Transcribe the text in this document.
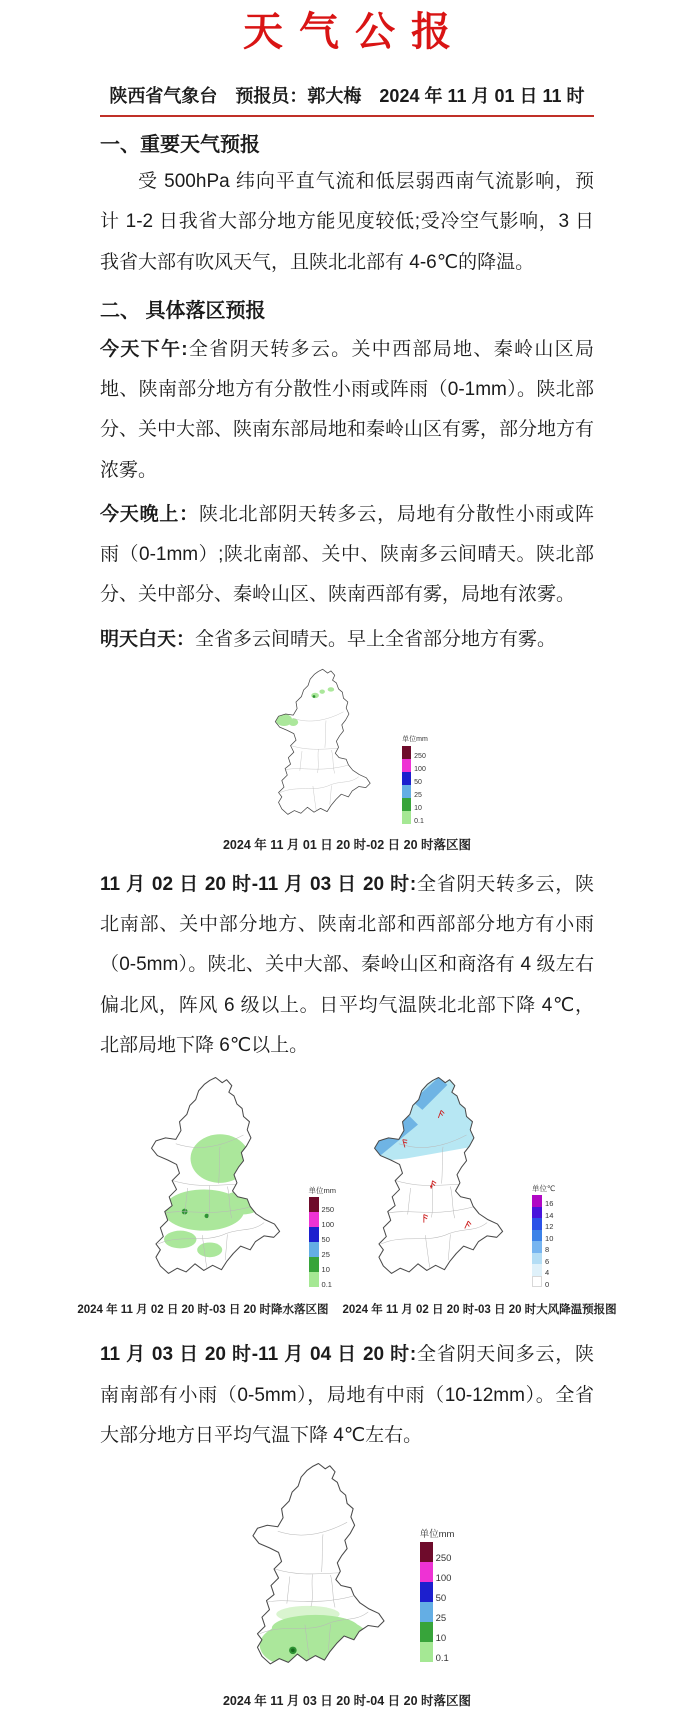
天气公报
陕西省气象台　预报员：郭大梅　2024 年 11 月 01 日 11 时
一、重要天气预报
受 500hPa 纬向平直气流和低层弱西南气流影响，预计 1-2 日我省大部分地方能见度较低;受冷空气影响，3 日我省大部有吹风天气，且陕北北部有 4-6℃的降温。
二、 具体落区预报
今天下午:全省阴天转多云。关中西部局地、秦岭山区局地、陕南部分地方有分散性小雨或阵雨（0-1mm）。陕北部分、关中大部、陕南东部局地和秦岭山区有雾，部分地方有浓雾。
今天晚上：陕北北部阴天转多云，局地有分散性小雨或阵雨（0-1mm）;陕北南部、关中、陕南多云间晴天。陕北部分、关中部分、秦岭山区、陕南西部有雾，局地有浓雾。
明天白天：全省多云间晴天。早上全省部分地方有雾。
单位mm
250
100
50
25
10
0.1
2024 年 11 月 01 日 20 时-02 日 20 时落区图
11 月 02 日 20 时-11 月 03 日 20 时:全省阴天转多云，陕北南部、关中部分地方、陕南北部和西部部分地方有小雨（0-5mm）。陕北、关中大部、秦岭山区和商洛有 4 级左右偏北风，阵风 6 级以上。日平均气温陕北北部下降 4℃，北部局地下降 6℃以上。
单位mm
250
100
50
25
10
0.1
单位℃
16
14
12
10
8
6
4
0
2024 年 11 月 02 日 20 时-03 日 20 时降水落区图 2024 年 11 月 02 日 20 时-03 日 20 时大风降温预报图
11 月 03 日 20 时-11 月 04 日 20 时:全省阴天间多云，陕南南部有小雨（0-5mm），局地有中雨（10-12mm）。全省大部分地方日平均气温下降 4℃左右。
单位mm
250
100
50
25
10
0.1
2024 年 11 月 03 日 20 时-04 日 20 时落区图
